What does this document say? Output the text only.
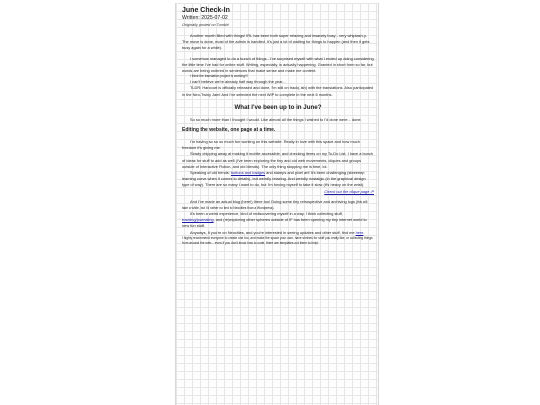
June Check-In
Written: 2025-07-02
Originally posted on Tumblr!

Another month filled with things! IRL has been both super relaxing and insanely busy - very whiplash-y. The move is done, most of the admin is handled. It's just a lot of waiting for things to happen (and then it gets busy again for a while).

I somehow managed to do a bunch of things - I've surprised myself with what I ended up doing considering the little time I've had for online stuff. Writing, especially, is actually happening. Granted in short form so far, but words are being ordered in sentences that make sense and make me content.

I think the translation project is working!!!

I can't believe we're already half way through the year...

TLDR: Harcourt is officially released and done, I'm still on track(-ish) with the translations. Also participated in the Neo-Twiny Jam! And I've selected the next WIP to complete in the next 6 months.

What I've been up to in June?

So so much more than I thought I would. Like almost all the things I wished to I'd done were... done.

Editing the website, one page at a time.

I'm having so so so much fun working on this website. Really in love with this space and how much freedom it's giving me.

Slowly chipping away at making it mobile accessible, and checking items on my To-Do List. I have a bunch of ideas for stuff to add as well (I've been exploring the tiny and old web movements, cliques and groups outside of Interactive Fiction, and old blends). The only thing stopping me is time, lol.

Speaking of old trends: buttons and badges and stamps and pixel art! It's been challenging (steeeeep learning curve when it comes to details), but weirdly relaxing. And weirdly nostalgic (in the graphical design type of way). There are so many I want to do, but I'm forcing myself to take it slow (it's heavy on the wrist).

Check out the clique page :P

And I've made an actual blog (here!) there too! Doing some tiny retrospective and archiving logs (this will take a while, but I'd rather no tied to Neocities than a Wordpress).

It's been a weird experience, kind of rediscovering myself in a way. I think collecting stuff, tracking/journaling, and (re)exploring other spheres outside of IF has been opening my tiny internet world to new fun stuff.

Anyways, if you're on Neocities, and you're interested in seeing updates and other stuff, find me here.

I highly recommend everyone to create one too, and make the space your own, have shrines for stuff you really like, or collecting things from around the web... even if you don't know how to code, there are templates out there to help!
